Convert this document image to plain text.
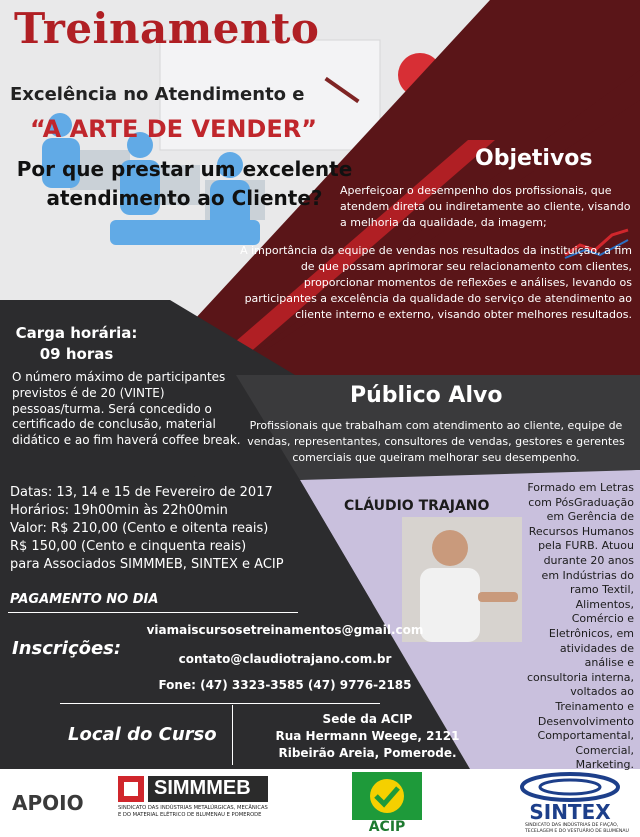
Treinamento
Excelência no Atendimento e
“A ARTE DE VENDER”
Por que prestar um excelente atendimento ao Cliente?
Objetivos
Aperfeiçoar o desempenho dos profissionais, que atendem direta ou indiretamente ao cliente, visando a melhoria da qualidade, da imagem;
A importância da equipe de vendas nos resultados da instituição, a fim de que possam aprimorar seu relacionamento com clientes, proporcionar momentos de reflexões e análises, levando os participantes a excelência da qualidade do serviço de atendimento ao cliente interno e externo, visando obter melhores resultados.
Carga horária:
09 horas
O número máximo de participantes previstos é de 20 (VINTE) pessoas/turma. Será concedido o certificado de conclusão, material didático e ao fim haverá coffee break.
Público Alvo
Profissionais que trabalham com atendimento ao cliente, equipe de vendas, representantes, consultores de vendas, gestores e gerentes comerciais que queiram melhorar seu desempenho.
Datas: 13, 14 e 15 de Fevereiro de 2017
Horários: 19h00min às 22h00min
Valor: R$ 210,00 (Cento e oitenta reais)
R$ 150,00 (Cento e cinquenta reais)
para Associados SIMMMEB, SINTEX e ACIP
PAGAMENTO NO DIA
Inscrições:
viamaiscursosetreinamentos@gmail.com
contato@claudiotrajano.com.br
Fone: (47) 3323-3585 (47) 9776-2185
Local do Curso
Sede da ACIP
Rua Hermann Weege, 2121
Ribeirão Areia, Pomerode.
CLÁUDIO TRAJANO
Formado em Letras com PósGraduação em Gerência de Recursos Humanos pela FURB. Atuou durante 20 anos em Indústrias do ramo Textil, Alimentos, Comércio e Eletrônicos, em atividades de análise e consultoria interna, voltados ao Treinamento e Desenvolvimento Comportamental, Comercial, Marketing.
APOIO
SIMMMEB
SINDICATO DAS INDÚSTRIAS METALÚRGICAS, MECÂNICAS E DO MATERIAL ELÉTRICO DE BLUMENAU E POMERODE
ACIP
SINTEX
SINDICATO DAS INDÚSTRIAS DE FIAÇÃO, TECELAGEM E DO VESTUÁRIO DE BLUMENAU
